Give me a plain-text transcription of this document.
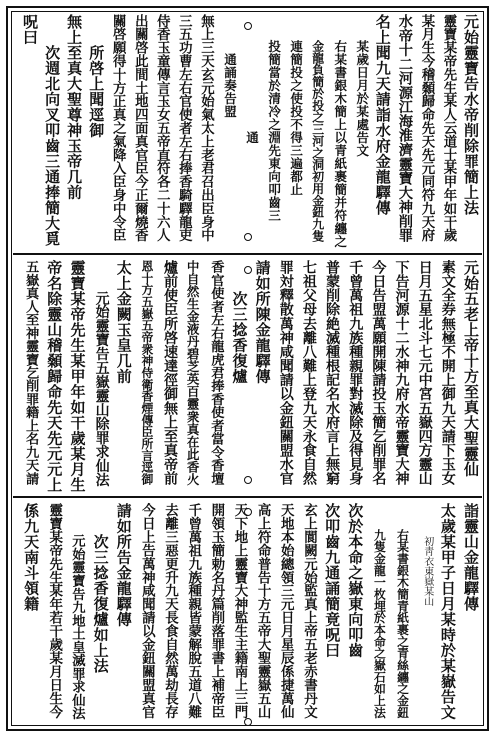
元始靈寶告水帝削除罪簡上法
靈寶某帝先生某人云道士某甲年如干歲
某月生今稽顙歸命先天先元同符九天府
水帝十二河源江海淮濟靈寶大神削罪
名上聞九天請詣水府金龍驛傳
某歲日月於某處告文
右某書銀木簡上以青紙裹簡并符纏之
金龍負簡於投之三河之洞初用金鈕九隻
連簡投之使投不得三遍都止
投簡當於清冷之淵先東向叩齒三
通
通誦奏告盟
無上三天玄元始氣太上老君召出臣身中
三五功曹左右官使者左右捧香騎驛龍吏
侍香玉童傳言玉女五帝直符各二十六人
出關啓此間土地四面真官臣今正爾燒香
關啓願得十方正真之氣降入臣身中令臣
所啓上聞逕御
無上至真大聖尊神玉帝几前
次週北向叉叩齒三通捧簡大覓
呪曰
元始五老上帝十方至真大聖靈仙
素文全券無極不開上御九天請下玉女
日月五星北斗七元中宮五嶽四方靈山
下告河源十二水神九府水帝靈寶大神
今日告盟萬願開陳請投玉簡乞削罪名
千曾萬祖九族種親罪對滅除及得見身
普蒙削除絶滅種根記名水府言上無窮
七祖父母去離八難上登九天永食自然
罪対釋散萬神咸聞請以金鈕關盟水官
請如所陳金龍驛傳
次三捻香復爐
香官使者左右龍虎君捧香使者當令香壇
中自然生金液丹碧芝英百靈衆真在此香火
爐前使臣所啓速達徑御無上至真帝前
恩十方五嶽五帝衆神侍衛香煙傳臣所言逕御
太上金闕玉皇几前
元始靈寶告五嶽靈山除罪求仙法
靈寶某帝先生某甲年如干歲某月生
帝名除靈山稽顙歸命先天先元元上
五嶽真人至神靈寶乞削罪籍上名九天請
詣靈山金龍驛傳
太歲某甲子日月某時於某嶽告文
初靑衣東嶽某山
右某書銀木簡青紙裹之青絲纏之金鈕
九隻金龍一枚埋於本命之嶽石如上法
次於本命之嶽東向叩齒
次叩齒九通誦簡竟呪曰
玄上閬闕元始監真上帝五老赤書丹文
天地本始總領三元日月星辰係捷萬仙
高上符命普告十方五帝大聖靈嶽五山
天下地上靈寶大神監生主籍南上三門
開領玉簡勅名丹篇削落罪書上補帝臣
千曾萬祖九族種親皆蒙解脫五道八難
去離三惡更升九天長食自然萬劫長存
今日上告萬神咸聞請以金鈕關盟真官
請如所告金龍驛傳
次三捻香復爐如上法
元始靈寶告九地土皇滅罪求仙法
靈寶某帝先生某年若干歲某月日生今
係九天南斗領籍
